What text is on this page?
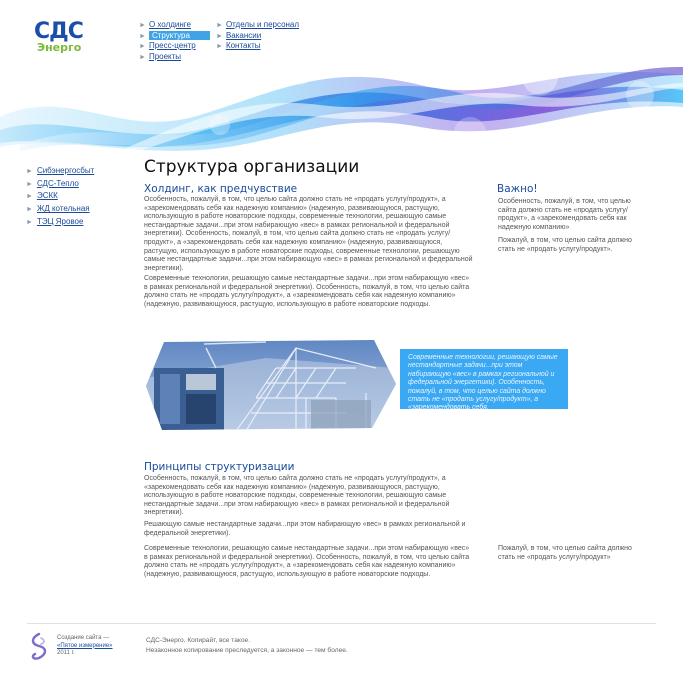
СДС
Энерго
► О холдинге
► Структура
► Пресс-центр
► Проекты
► Отделы и персонал
► Вакансии
► Контакты
► Сибэнергосбыт
► СДС-Тепло
► ЭСКК
► ЖД котельная
► ТЭЦ Яровое
Структура организации
Холдинг, как предчувствие

Особенность, пожалуй, в том, что целью сайта должно стать не «продать услугу/продукт», а «зарекомендовать себя как надежную компанию» (надежную, развивающуюся, растущую, использующую в работе новаторские подходы, современные технологии, решающую самые нестандартные задачи...при этом набирающую «вес» в рамках региональной и федеральной энергетики). Особенность, пожалуй, в том, что целью сайта должно стать не «продать услугу/продукт», а «зарекомендовать себя как надежную компанию» (надежную, развивающуюся, растущую, использующую в работе новаторские подходы, современные технологии, решающую самые нестандартные задачи...при этом набирающую «вес» в рамках региональной и федеральной энергетики).

Современные технологии, решающую самые нестандартные задачи...при этом набирающую «вес» в рамках региональной и федеральной энергетики). Особенность, пожалуй, в том, что целью сайта должно стать не «продать услугу/продукт», а «зарекомендовать себя как надежную компанию» (надежную, развивающуюся, растущую, использующую в работе новаторские подходы.

Современные технологии, решающую самые нестандартные задачи...при этом набирающую «вес» в рамках региональной и федеральной энергетики). Особенность, пожалуй, в том, что целью сайта должно стать не «продать услугу/продукт», а «зарекомендовать себя.
Принципы структуризации

Особенность, пожалуй, в том, что целью сайта должно стать не «продать услугу/продукт», а «зарекомендовать себя как надежную компанию» (надежную, развивающуюся, растущую, использующую в работе новаторские подходы, современные технологии, решающую самые нестандартные задачи...при этом набирающую «вес» в рамках региональной и федеральной энергетики).

Решающую самые нестандартные задачи...при этом набирающую «вес» в рамках региональной и федеральной энергетики).

Современные технологии, решающую самые нестандартные задачи...при этом набирающую «вес» в рамках региональной и федеральной энергетики). Особенность, пожалуй, в том, что целью сайта должно стать не «продать услугу/продукт», а «зарекомендовать себя как надежную компанию» (надежную, развивающуюся, растущую, использующую в работе новаторские подходы.

Важно!

Особенность, пожалуй, в том, что целью сайта должно стать не «продать услугу/продукт», а «зарекомендовать себя как надежную компанию»

Пожалуй, в том, что целью сайта должно стать не «продать услугу/продукт».

Пожалуй, в том, что целью сайта должно стать не «продать услугу/продукт»

Создание сайта —
«Пятое измерение»
2011 г.
СДС-Энерго. Копирайт, все такое.
Незаконное копирование преследуется, а законное — тем более.
